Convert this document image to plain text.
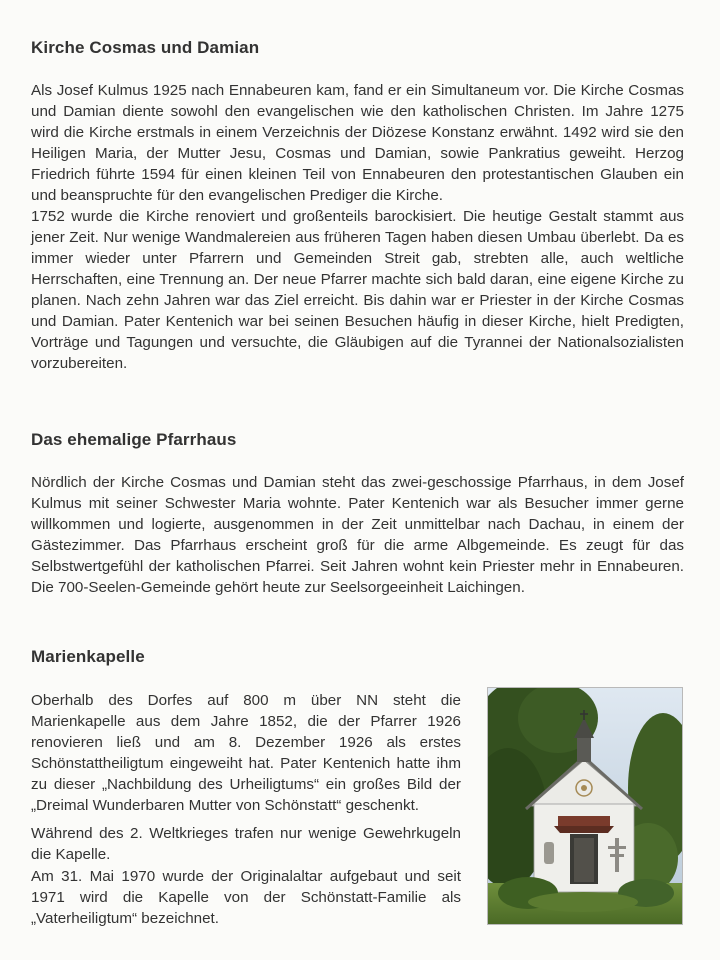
Kirche Cosmas und Damian

Als Josef Kulmus 1925 nach Ennabeuren kam, fand er ein Simultaneum vor. Die Kirche Cosmas und Damian diente sowohl den evangelischen wie den katholischen Christen. Im Jahre 1275 wird die Kirche erstmals in einem Verzeichnis der Diözese Konstanz erwähnt. 1492 wird sie den Heiligen Maria, der Mutter Jesu, Cosmas und Damian, sowie Pankratius geweiht. Herzog Friedrich führte 1594 für einen kleinen Teil von Ennabeuren den protestantischen Glauben ein und beanspruchte für den evangelischen Prediger die Kirche.

1752 wurde die Kirche renoviert und großenteils barockisiert. Die heutige Gestalt stammt aus jener Zeit. Nur wenige Wandmalereien aus früheren Tagen haben diesen Umbau überlebt. Da es immer wieder unter Pfarrern und Gemeinden Streit gab, strebten alle, auch weltliche Herrschaften, eine Trennung an. Der neue Pfarrer machte sich bald daran, eine eigene Kirche zu planen. Nach zehn Jahren war das Ziel erreicht. Bis dahin war er Priester in der Kirche Cosmas und Damian. Pater Kentenich war bei seinen Besuchen häufig in dieser Kirche, hielt Predigten, Vorträge und Tagungen und versuchte, die Gläubigen auf die Tyrannei der Nationalsozialisten vorzubereiten.

Das ehemalige Pfarrhaus

Nördlich der Kirche Cosmas und Damian steht das zwei-geschossige Pfarrhaus, in dem Josef Kulmus mit seiner Schwester Maria wohnte. Pater Kentenich war als Besucher immer gerne willkommen und logierte, ausgenommen in der Zeit unmittelbar nach Dachau, in einem der Gästezimmer. Das Pfarrhaus erscheint groß für die arme Albgemeinde. Es zeugt für das Selbstwertgefühl der katholischen Pfarrei. Seit Jahren wohnt kein Priester mehr in Ennabeuren. Die 700-Seelen-Gemeinde gehört heute zur Seelsorgeeinheit Laichingen.

Marienkapelle

Oberhalb des Dorfes auf 800 m über NN steht die Marienkapelle aus dem Jahre 1852, die der Pfarrer 1926 renovieren ließ und am 8. Dezember 1926 als erstes Schönstattheiligtum eingeweiht hat. Pater Kentenich hatte ihm zu dieser „Nachbildung des Urheiligtums“ ein großes Bild der „Dreimal Wunderbaren Mutter von Schönstatt“ geschenkt.

Während des 2. Weltkrieges trafen nur wenige Gewehrkugeln die Kapelle.

Am 31. Mai 1970 wurde der Originalaltar aufgebaut und seit 1971 wird die Kapelle von der Schönstatt-Familie als „Vaterheiligtum“ bezeichnet.
